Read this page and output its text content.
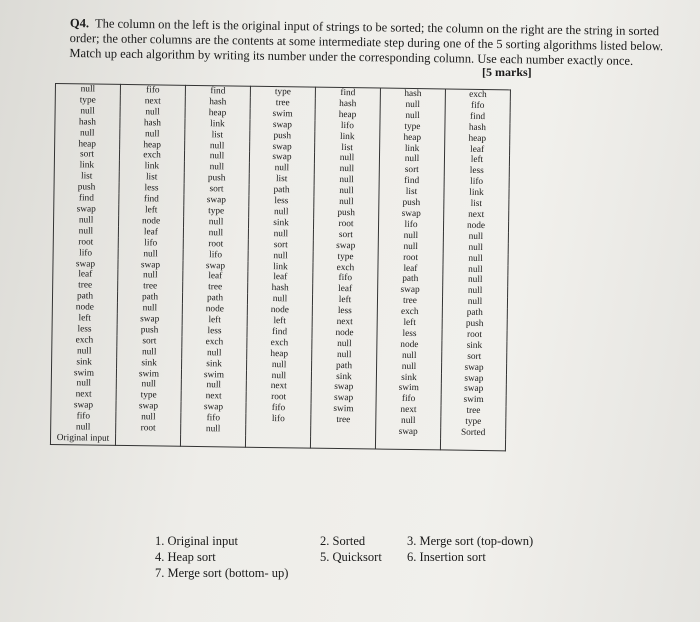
Q4. The column on the left is the original input of strings to be sorted; the column on the right are the string in sorted order; the other columns are the contents at some intermediate step during one of the 5 sorting algorithms listed below. Match up each algorithm by writing its number under the corresponding column. Use each number exactly once.
[5 marks]
null	fifo	find	type	find	hash	exch
type	next	hash	tree	hash	null	fifo
null	null	heap	swim	heap	null	find
hash	hash	link	swap	lifo	type	hash
null	null	list	push	link	heap	heap
heap	heap	null	swap	list	link	leaf
sort	exch	null	swap	null	null	left
link	link	null	null	null	sort	less
list	list	push	list	null	find	lifo
push	less	sort	path	null	list	link
find	find	swap	less	null	push	list
swap	left	type	null	push	swap	next
null	node	null	sink	root	lifo	node
null	leaf	null	null	sort	null	null
root	lifo	root	sort	swap	null	null
lifo	null	lifo	null	type	root	null
swap	swap	swap	link	exch	leaf	null
leaf	null	leaf	leaf	fifo	path	null
tree	tree	tree	hash	leaf	swap	null
path	path	path	null	left	tree	null
node	null	node	node	less	exch	path
left	swap	left	left	next	left	push
less	push	less	find	node	less	root
exch	sort	exch	exch	null	node	sink
null	null	null	heap	null	null	sort
sink	sink	sink	null	path	null	swap
swim	swim	swim	null	sink	sink	swap
null	null	null	next	swap	swim	swap
next	type	next	root	swap	fifo	swim
swap	swap	swap	fifo	swim	next	tree
fifo	null	fifo	lifo	tree	null	type
null	root	null			swap	Sorted
Original input						
1. Original input	2. Sorted	3. Merge sort (top-down)
4. Heap sort	5. Quicksort 6. Insertion sort
7. Merge sort (bottom- up)
